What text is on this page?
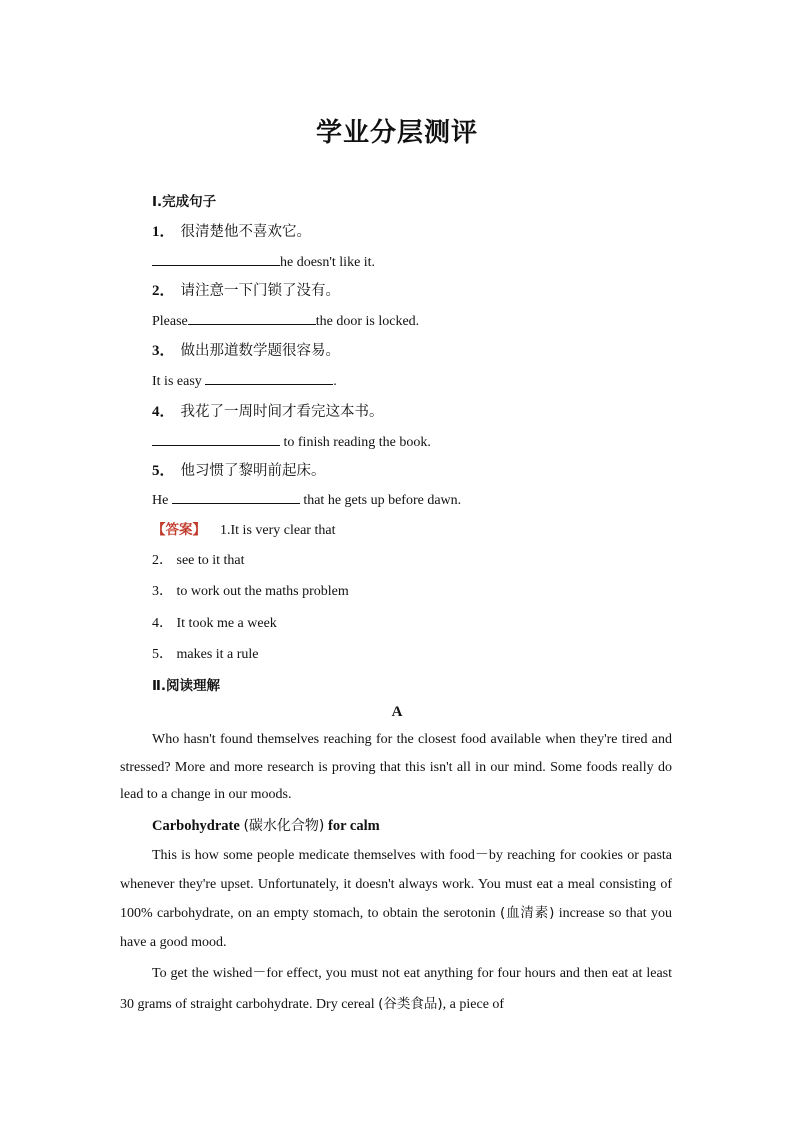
学业分层测评
Ⅰ.完成句子
1． 很清楚他不喜欢它。
he doesn't like it.
2． 请注意一下门锁了没有。
Please	the door is locked.
3． 做出那道数学题很容易。
It is easy	.
4． 我花了一周时间才看完这本书。
to finish reading the book.
5． 他习惯了黎明前起床。
He	that he gets up before dawn.
【答案】 1.It is very clear that
2． see to it that
3． to work out the maths problem
4． It took me a week
5． makes it a rule
Ⅱ.阅读理解
A
Who hasn't found themselves reaching for the closest food available when they're tired and stressed? More and more research is proving that this isn't all in our mind. Some foods really do lead to a change in our moods.
Carbohydrate (碳水化合物) for calm
This is how some people medicate themselves with food－by reaching for cookies or pasta whenever they're upset. Unfortunately, it doesn't always work. You must eat a meal consisting of 100% carbohydrate, on an empty stomach, to obtain the serotonin (血清素) increase so that you have a good mood.
To get the wished－for effect, you must not eat anything for four hours and then eat at least 30 grams of straight carbohydrate. Dry cereal (谷类食品), a piece of
